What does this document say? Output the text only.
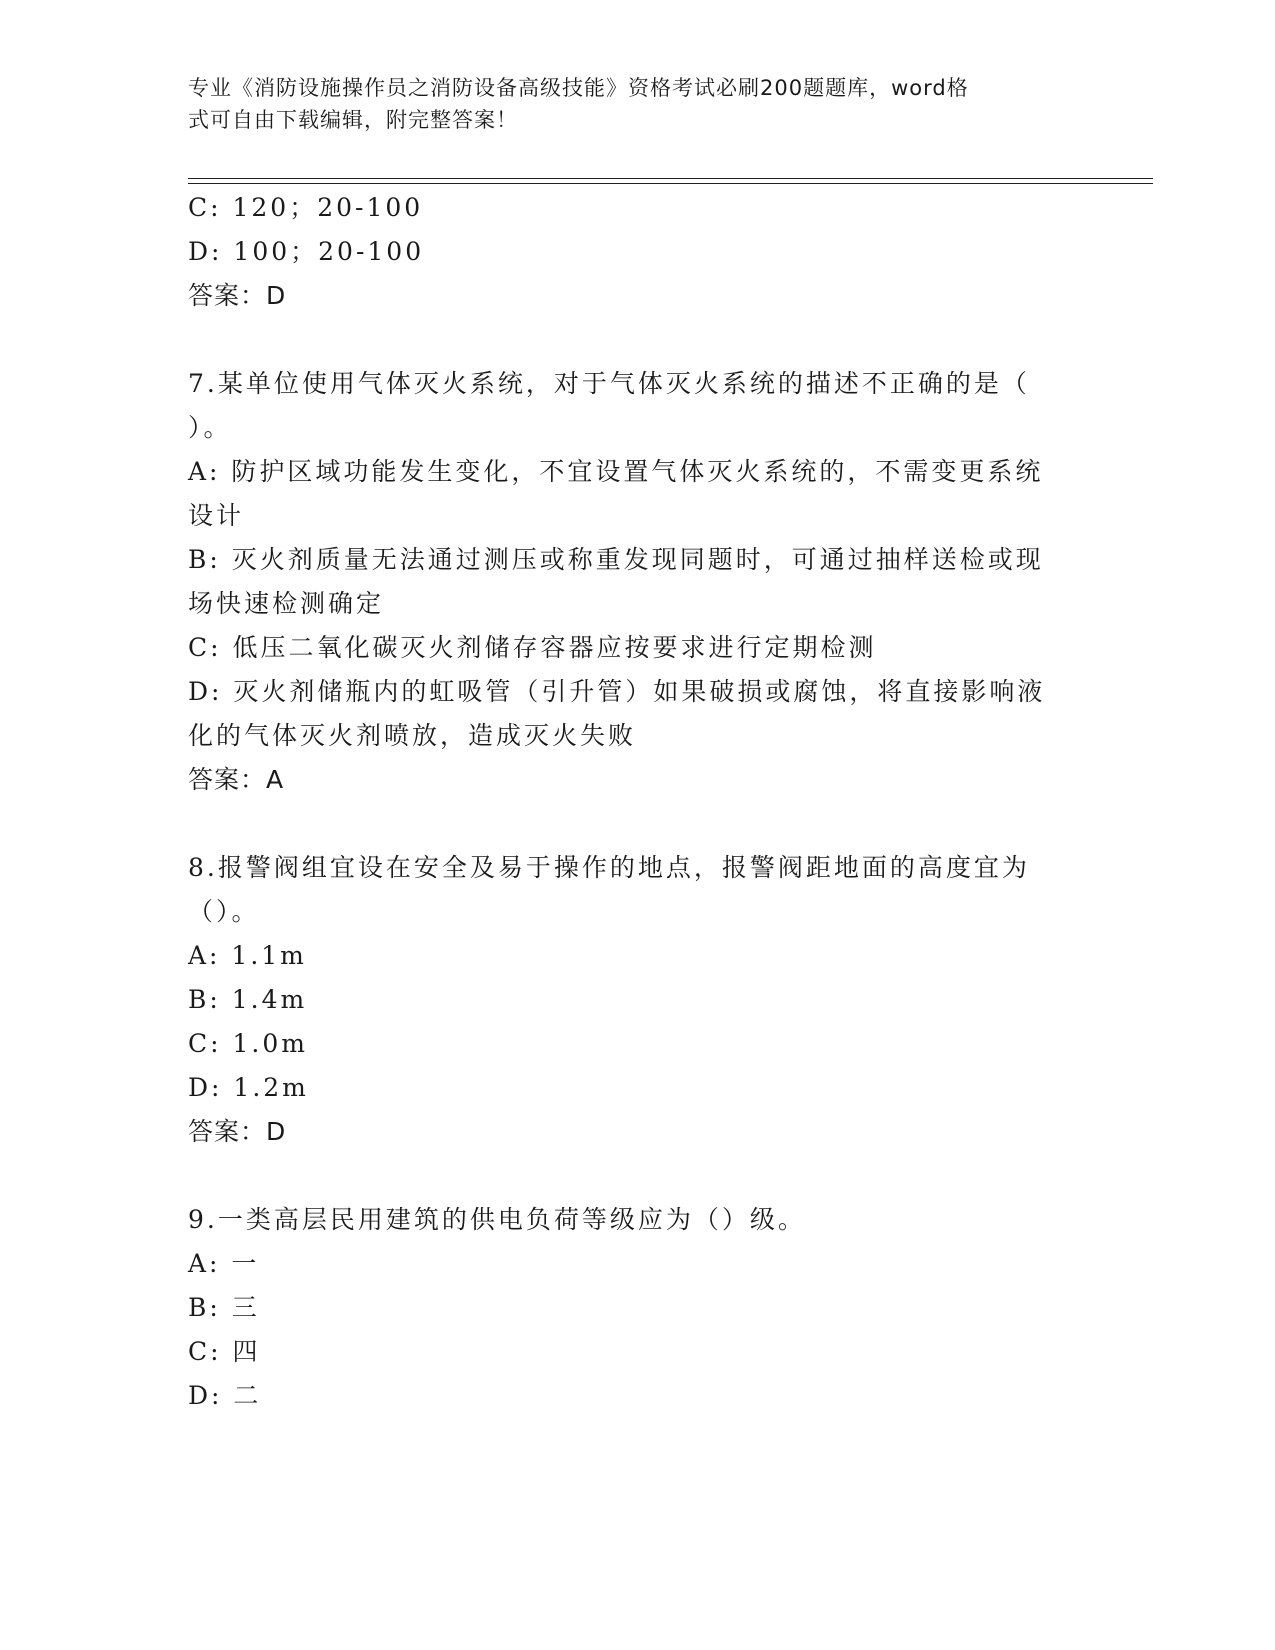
专业《消防设施操作员之消防设备高级技能》资格考试必刷200题题库，word格
式可自由下载编辑，附完整答案！
C: 120；20-100
D: 100；20-100
答案：D
7.某单位使用气体灭火系统，对于气体灭火系统的描述不正确的是（
）。
A: 防护区域功能发生变化，不宜设置气体灭火系统的，不需变更系统
设计
B: 灭火剂质量无法通过测压或称重发现同题时，可通过抽样送检或现
场快速检测确定
C: 低压二氧化碳灭火剂储存容器应按要求进行定期检测
D: 灭火剂储瓶内的虹吸管（引升管）如果破损或腐蚀，将直接影响液
化的气体灭火剂喷放，造成灭火失败
答案：A
8.报警阀组宜设在安全及易于操作的地点，报警阀距地面的高度宜为
（）。
A: 1.1m
B: 1.4m
C: 1.0m
D: 1.2m
答案：D
9.一类高层民用建筑的供电负荷等级应为（）级。
A: 一
B: 三
C: 四
D: 二
